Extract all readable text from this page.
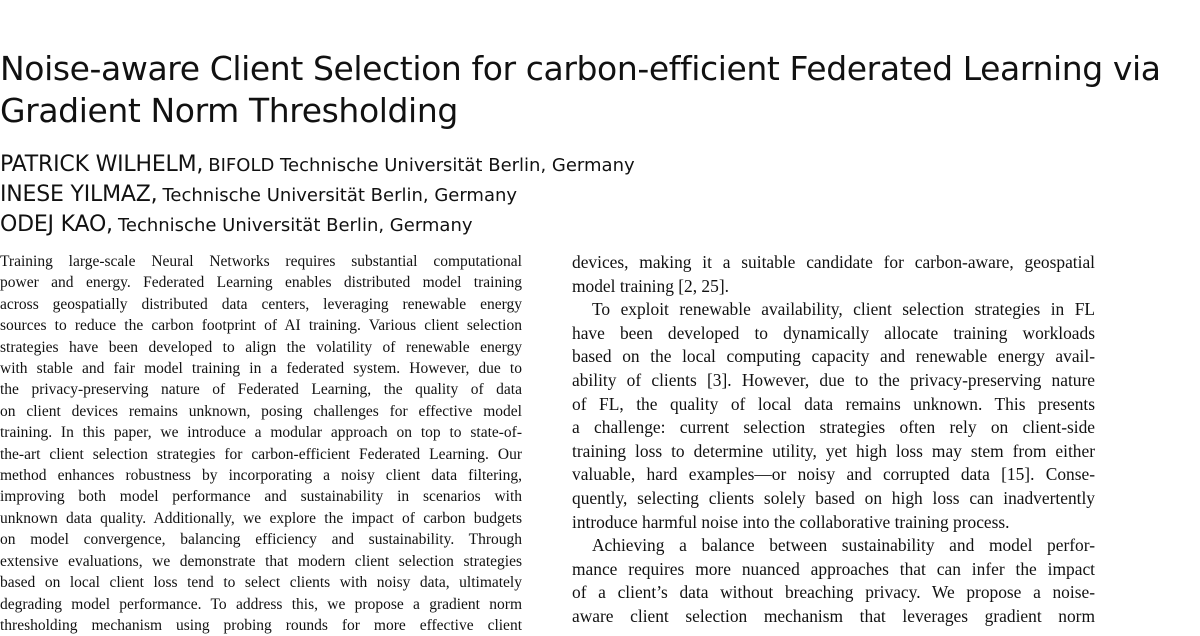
Noise-aware Client Selection for carbon-efficient Federated Learning via
Gradient Norm Thresholding
PATRICK WILHELM, BIFOLD Technische Universität Berlin, Germany
INESE YILMAZ, Technische Universität Berlin, Germany
ODEJ KAO, Technische Universität Berlin, Germany
Training large-scale Neural Networks requires substantial computational
power and energy. Federated Learning enables distributed model training
across geospatially distributed data centers, leveraging renewable energy
sources to reduce the carbon footprint of AI training. Various client selection
strategies have been developed to align the volatility of renewable energy
with stable and fair model training in a federated system. However, due to
the privacy-preserving nature of Federated Learning, the quality of data
on client devices remains unknown, posing challenges for effective model
training. In this paper, we introduce a modular approach on top to state-of-
the-art client selection strategies for carbon-efficient Federated Learning. Our
method enhances robustness by incorporating a noisy client data filtering,
improving both model performance and sustainability in scenarios with
unknown data quality. Additionally, we explore the impact of carbon budgets
on model convergence, balancing efficiency and sustainability. Through
extensive evaluations, we demonstrate that modern client selection strategies
based on local client loss tend to select clients with noisy data, ultimately
degrading model performance. To address this, we propose a gradient norm
thresholding mechanism using probing rounds for more effective client
devices, making it a suitable candidate for carbon-aware, geospatial
model training [2, 25].
To exploit renewable availability, client selection strategies in FL
have been developed to dynamically allocate training workloads
based on the local computing capacity and renewable energy avail-
ability of clients [3]. However, due to the privacy-preserving nature
of FL, the quality of local data remains unknown. This presents
a challenge: current selection strategies often rely on client-side
training loss to determine utility, yet high loss may stem from either
valuable, hard examples—or noisy and corrupted data [15]. Conse-
quently, selecting clients solely based on high loss can inadvertently
introduce harmful noise into the collaborative training process.
Achieving a balance between sustainability and model perfor-
mance requires more nuanced approaches that can infer the impact
of a client’s data without breaching privacy. We propose a noise-
aware client selection mechanism that leverages gradient norm
